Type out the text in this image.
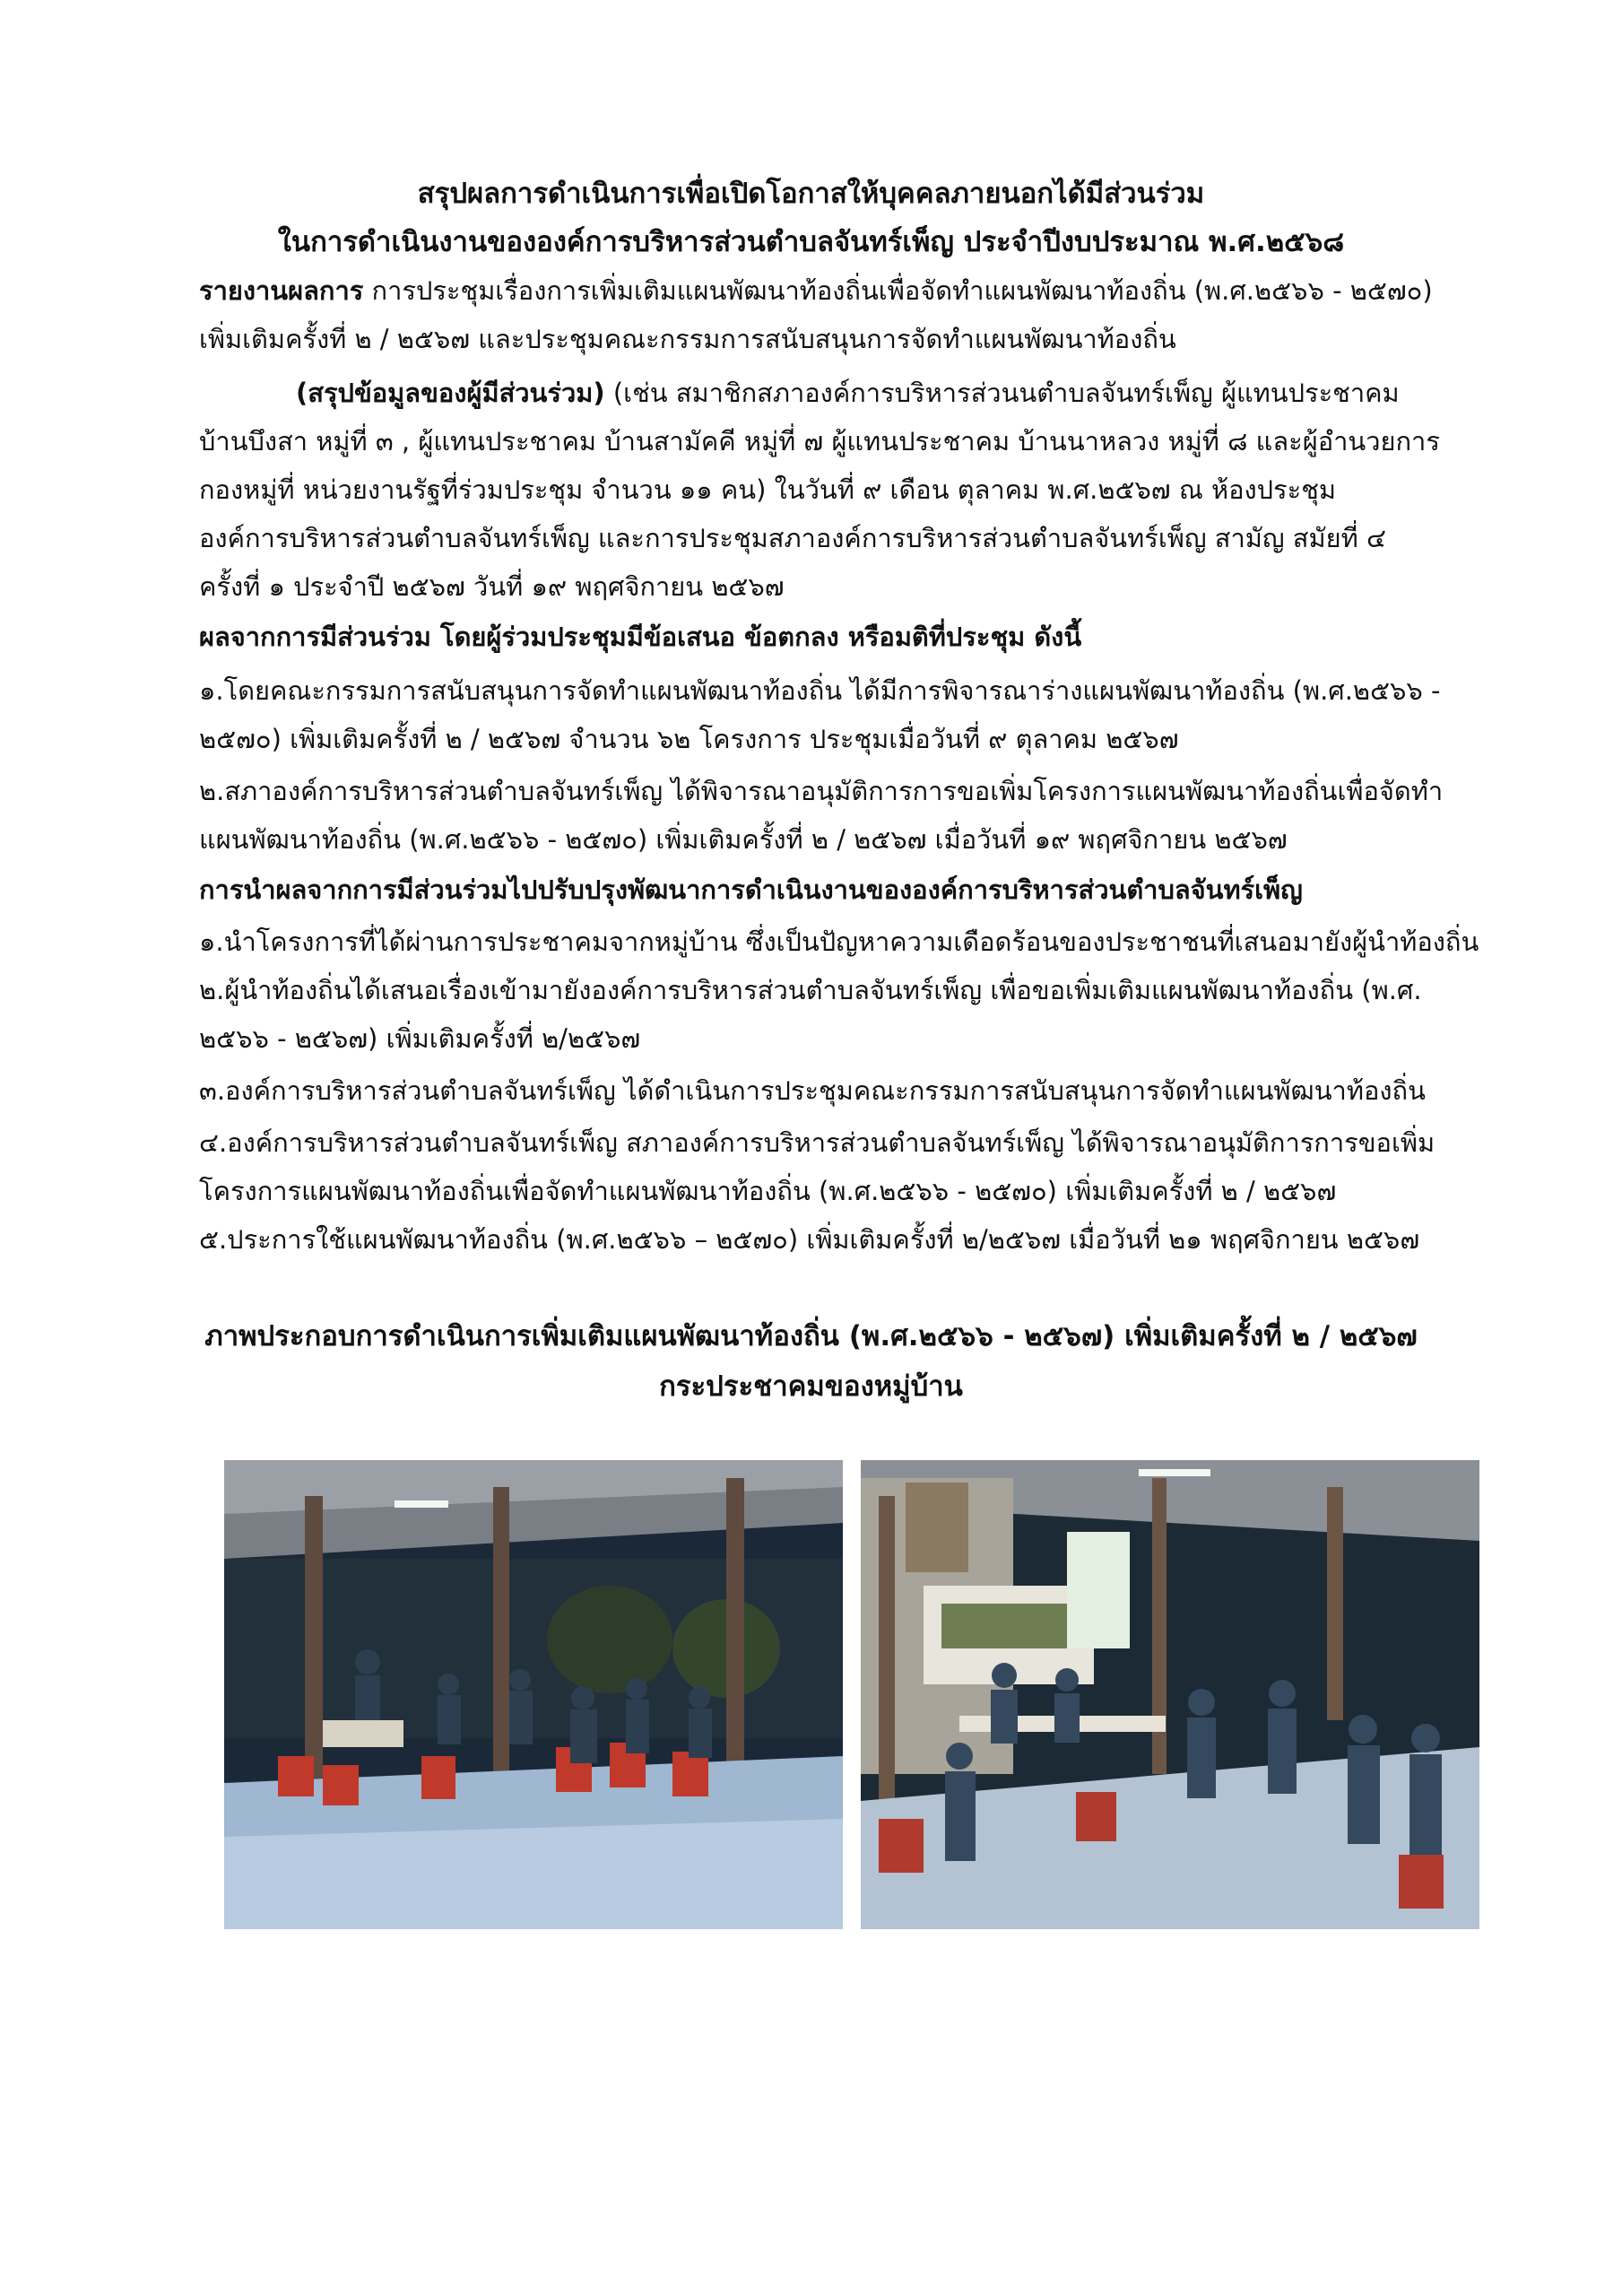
สรุปผลการดำเนินการเพื่อเปิดโอกาสให้บุคคลภายนอกได้มีส่วนร่วม
ในการดำเนินงานขององค์การบริหารส่วนตำบลจันทร์เพ็ญ ประจำปีงบประมาณ พ.ศ.๒๕๖๘
รายงานผลการ การประชุมเรื่องการเพิ่มเติมแผนพัฒนาท้องถิ่นเพื่อจัดทำแผนพัฒนาท้องถิ่น (พ.ศ.๒๕๖๖ - ๒๕๗๐)
เพิ่มเติมครั้งที่ ๒ / ๒๕๖๗ และประชุมคณะกรรมการสนับสนุนการจัดทำแผนพัฒนาท้องถิ่น
(สรุปข้อมูลของผู้มีส่วนร่วม) (เช่น สมาชิกสภาองค์การบริหารส่วนนตำบลจันทร์เพ็ญ ผู้แทนประชาคม
บ้านบึงสา หมู่ที่ ๓ , ผู้แทนประชาคม บ้านสามัคคี หมู่ที่ ๗ ผู้แทนประชาคม บ้านนาหลวง หมู่ที่ ๘ และผู้อำนวยการ
กองหมู่ที่ หน่วยงานรัฐที่ร่วมประชุม จำนวน ๑๑ คน) ในวันที่ ๙ เดือน ตุลาคม พ.ศ.๒๕๖๗ ณ ห้องประชุม
องค์การบริหารส่วนตำบลจันทร์เพ็ญ และการประชุมสภาองค์การบริหารส่วนตำบลจันทร์เพ็ญ สามัญ สมัยที่ ๔
ครั้งที่ ๑ ประจำปี ๒๕๖๗ วันที่ ๑๙ พฤศจิกายน ๒๕๖๗
ผลจากการมีส่วนร่วม โดยผู้ร่วมประชุมมีข้อเสนอ ข้อตกลง หรือมติที่ประชุม ดังนี้
๑.โดยคณะกรรมการสนับสนุนการจัดทำแผนพัฒนาท้องถิ่น ได้มีการพิจารณาร่างแผนพัฒนาท้องถิ่น (พ.ศ.๒๕๖๖ -
๒๕๗๐) เพิ่มเติมครั้งที่ ๒ / ๒๕๖๗ จำนวน ๖๒ โครงการ ประชุมเมื่อวันที่ ๙ ตุลาคม ๒๕๖๗
๒.สภาองค์การบริหารส่วนตำบลจันทร์เพ็ญ ได้พิจารณาอนุมัติการการขอเพิ่มโครงการแผนพัฒนาท้องถิ่นเพื่อจัดทำ
แผนพัฒนาท้องถิ่น (พ.ศ.๒๕๖๖ - ๒๕๗๐) เพิ่มเติมครั้งที่ ๒ / ๒๕๖๗ เมื่อวันที่ ๑๙ พฤศจิกายน ๒๕๖๗
การนำผลจากการมีส่วนร่วมไปปรับปรุงพัฒนาการดำเนินงานขององค์การบริหารส่วนตำบลจันทร์เพ็ญ
๑.นำโครงการที่ได้ผ่านการประชาคมจากหมู่บ้าน ซึ่งเป็นปัญหาความเดือดร้อนของประชาชนที่เสนอมายังผู้นำท้องถิ่น
๒.ผู้นำท้องถิ่นได้เสนอเรื่องเข้ามายังองค์การบริหารส่วนตำบลจันทร์เพ็ญ เพื่อขอเพิ่มเติมแผนพัฒนาท้องถิ่น (พ.ศ.
๒๕๖๖ - ๒๕๖๗) เพิ่มเติมครั้งที่ ๒/๒๕๖๗
๓.องค์การบริหารส่วนตำบลจันทร์เพ็ญ ได้ดำเนินการประชุมคณะกรรมการสนับสนุนการจัดทำแผนพัฒนาท้องถิ่น
๔.องค์การบริหารส่วนตำบลจันทร์เพ็ญ สภาองค์การบริหารส่วนตำบลจันทร์เพ็ญ ได้พิจารณาอนุมัติการการขอเพิ่ม
โครงการแผนพัฒนาท้องถิ่นเพื่อจัดทำแผนพัฒนาท้องถิ่น (พ.ศ.๒๕๖๖ - ๒๕๗๐) เพิ่มเติมครั้งที่ ๒ / ๒๕๖๗
๕.ประการใช้แผนพัฒนาท้องถิ่น (พ.ศ.๒๕๖๖ – ๒๕๗๐) เพิ่มเติมครั้งที่ ๒/๒๕๖๗ เมื่อวันที่ ๒๑ พฤศจิกายน ๒๕๖๗
ภาพประกอบการดำเนินการเพิ่มเติมแผนพัฒนาท้องถิ่น (พ.ศ.๒๕๖๖ - ๒๕๖๗) เพิ่มเติมครั้งที่ ๒ / ๒๕๖๗
กระประชาคมของหมู่บ้าน
